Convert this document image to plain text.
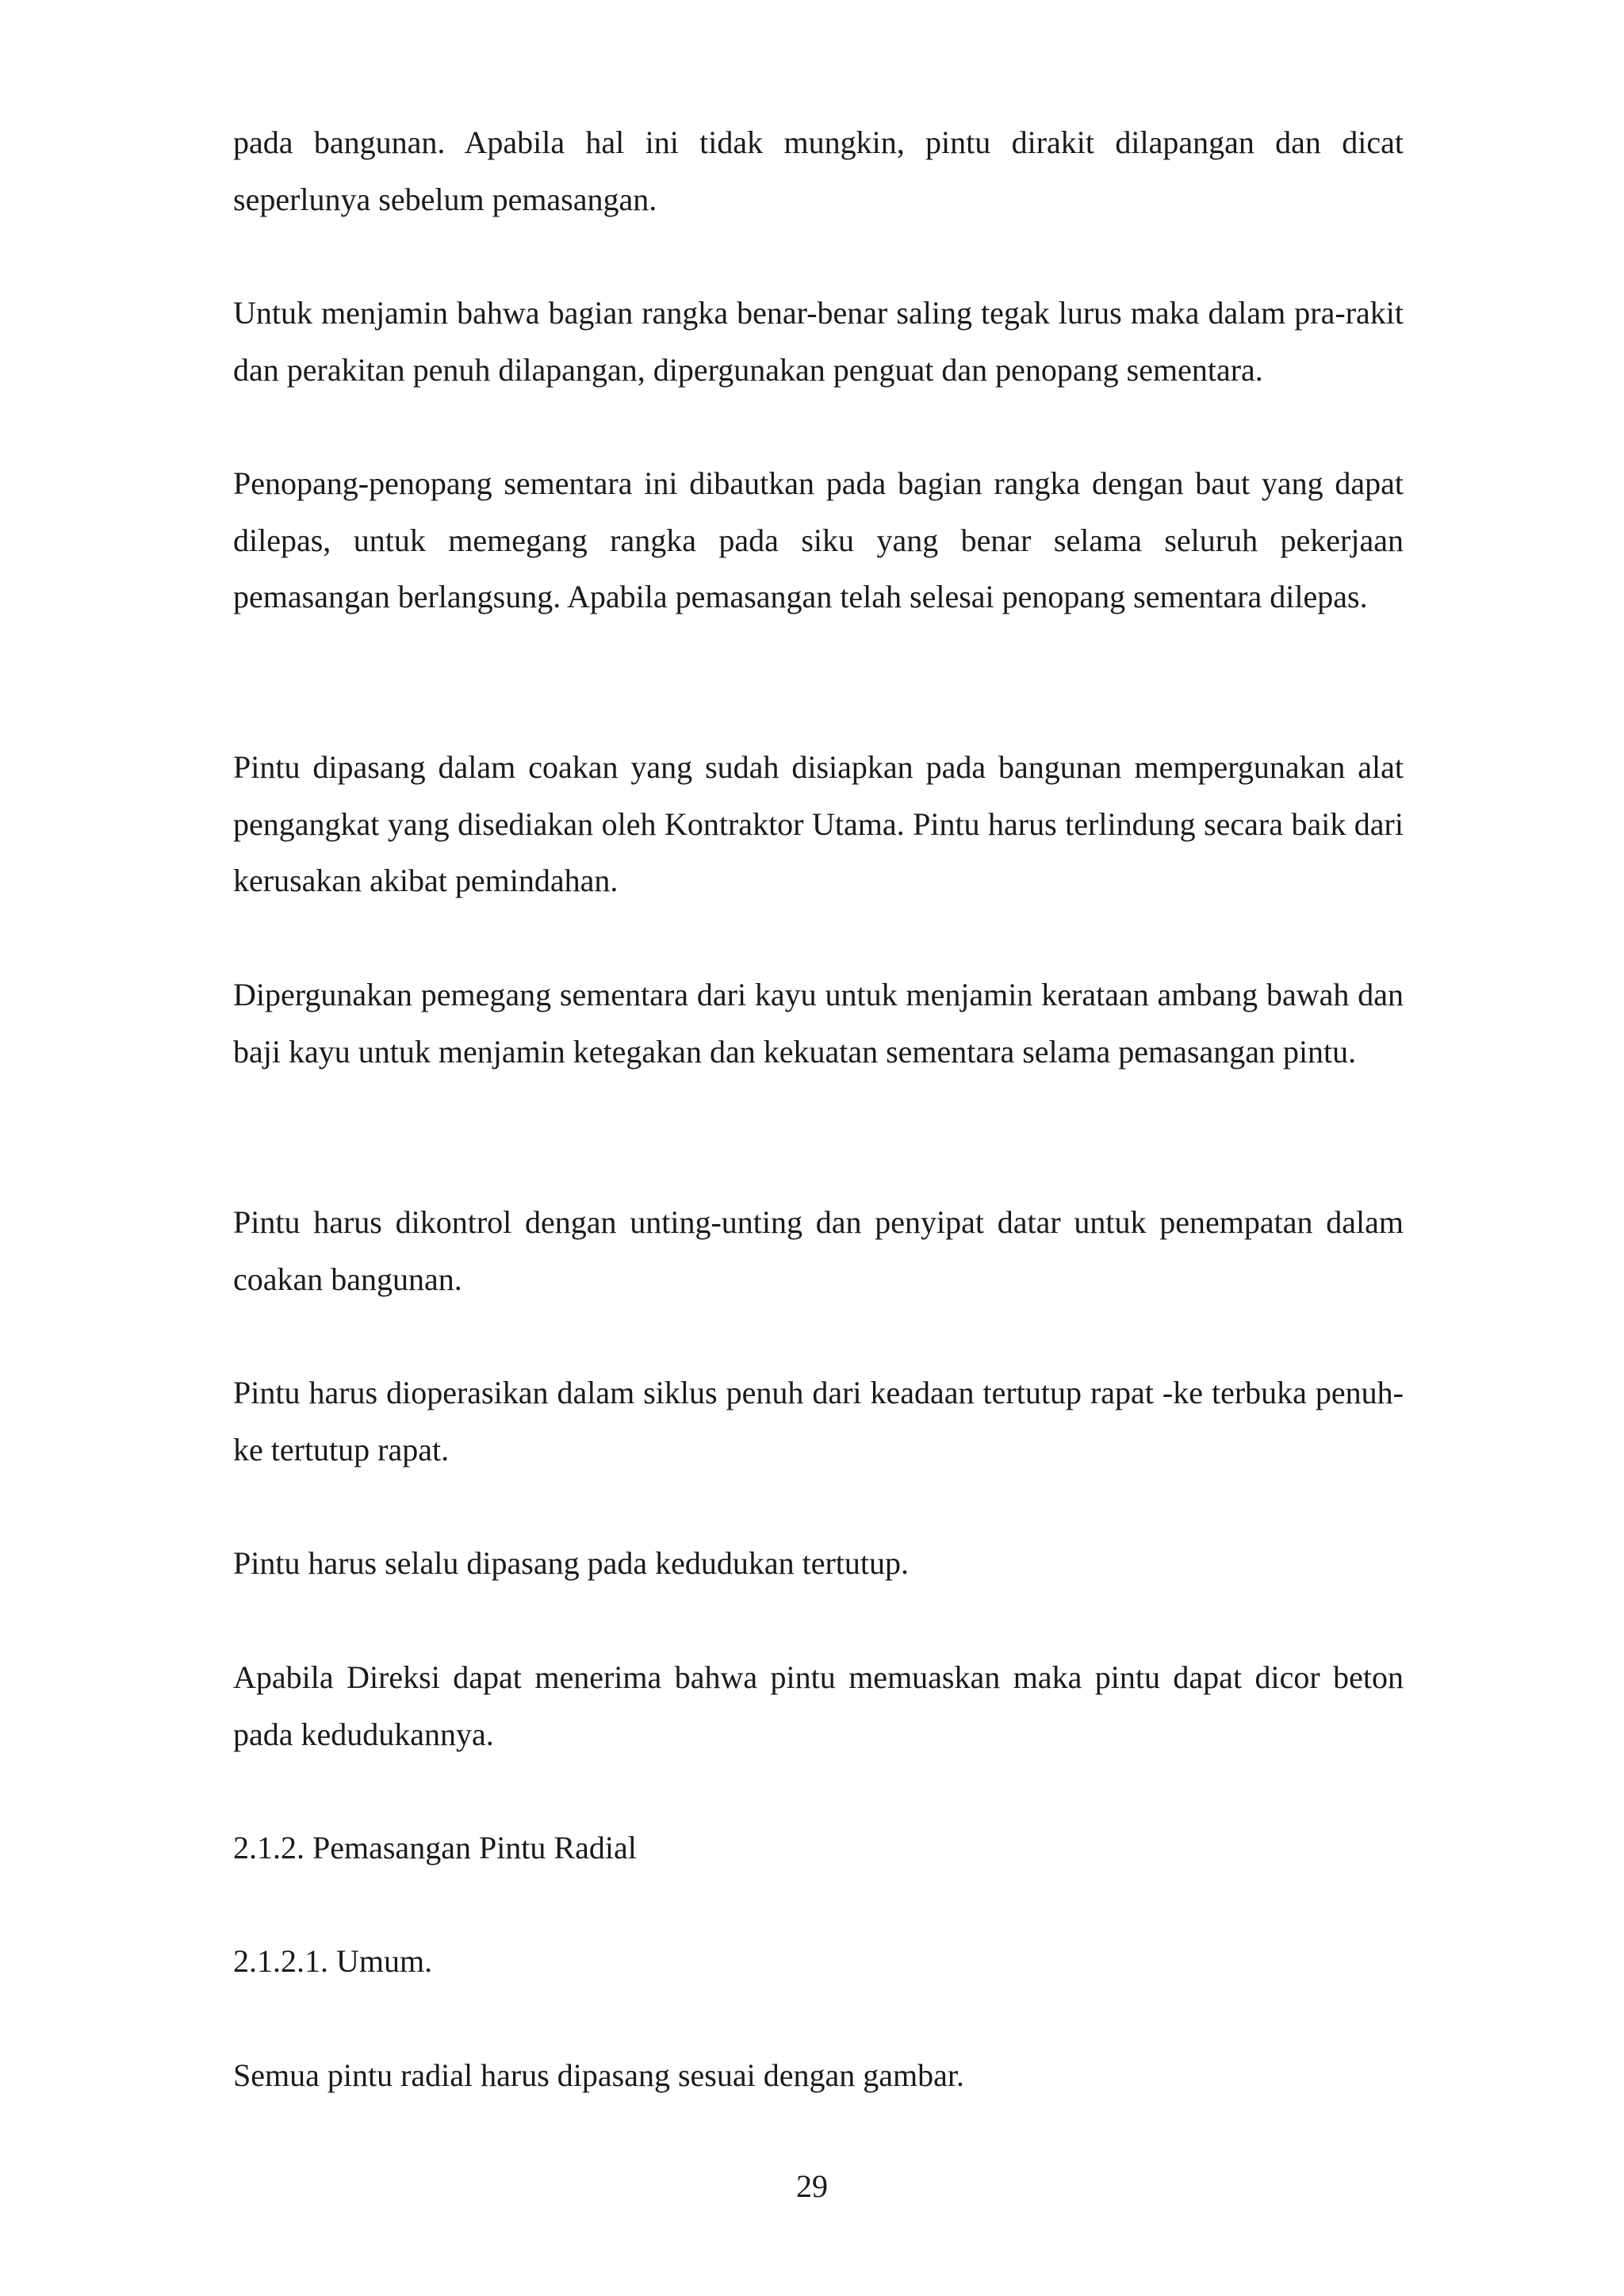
pada bangunan. Apabila hal ini tidak mungkin, pintu dirakit dilapangan dan dicat seperlunya sebelum pemasangan.

Untuk menjamin bahwa bagian rangka benar-benar saling tegak lurus maka dalam pra-rakit dan perakitan penuh dilapangan, dipergunakan penguat dan penopang sementara.

Penopang-penopang sementara ini dibautkan pada bagian rangka dengan baut yang dapat dilepas, untuk memegang rangka pada siku yang benar selama seluruh pekerjaan pemasangan berlangsung. Apabila pemasangan telah selesai penopang sementara dilepas.

Pintu dipasang dalam coakan yang sudah disiapkan pada bangunan mempergunakan alat pengangkat yang disediakan oleh Kontraktor Utama. Pintu harus terlindung secara baik dari kerusakan akibat pemindahan.

Dipergunakan pemegang sementara dari kayu untuk menjamin kerataan ambang bawah dan baji kayu untuk menjamin ketegakan dan kekuatan sementara selama pemasangan pintu.

Pintu harus dikontrol dengan unting-unting dan penyipat datar untuk penempatan dalam coakan bangunan.

Pintu harus dioperasikan dalam siklus penuh dari keadaan tertutup rapat -ke terbuka penuh- ke tertutup rapat.

Pintu harus selalu dipasang pada kedudukan tertutup.

Apabila Direksi dapat menerima bahwa pintu memuaskan maka pintu dapat dicor beton pada kedudukannya.

2.1.2. Pemasangan Pintu Radial

2.1.2.1. Umum.

Semua pintu radial harus dipasang sesuai dengan gambar.

29
